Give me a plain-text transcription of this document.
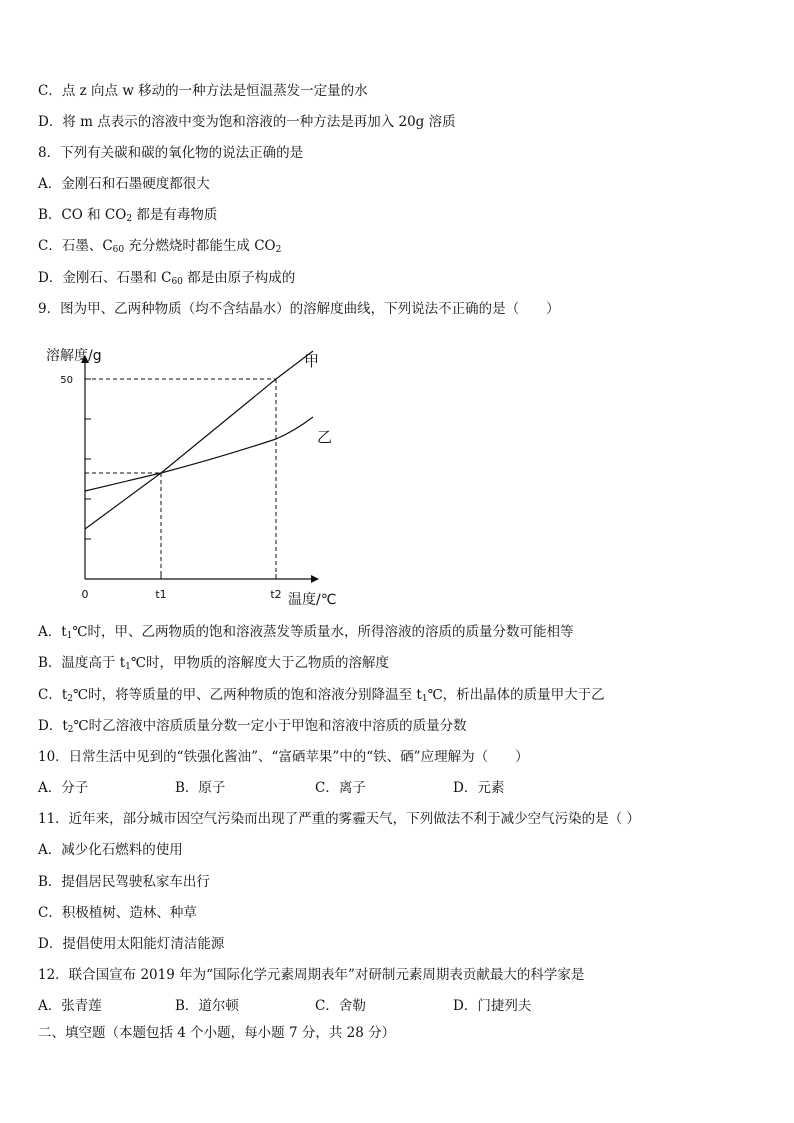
C．点 z 向点 w 移动的一种方法是恒温蒸发一定量的水
D．将 m 点表示的溶液中变为饱和溶液的一种方法是再加入 20g 溶质
8．下列有关碳和碳的氧化物的说法正确的是
A．金刚石和石墨硬度都很大
B．CO 和 $CO_2$ 都是有毒物质
C．石墨、$C_{60}$ 充分燃烧时都能生成 $CO_2$
D．金刚石、石墨和 $C_{60}$ 都是由原子构成的
9．图为甲、乙两种物质（均不含结晶水）的溶解度曲线，下列说法不正确的是（　　）
溶解度/g
温度/℃
50
0	t1	t2
甲
乙
A．$t_1℃$时，甲、乙两物质的饱和溶液蒸发等质量水，所得溶液的溶质的质量分数可能相等
B．温度高于 $t_1℃$时，甲物质的溶解度大于乙物质的溶解度
C．$t_2℃$时，将等质量的甲、乙两种物质的饱和溶液分别降温至 $t_1℃$，析出晶体的质量甲大于乙
D．$t_2℃$时乙溶液中溶质质量分数一定小于甲饱和溶液中溶质的质量分数
10．日常生活中见到的“铁强化酱油”、“富硒苹果”中的“铁、硒”应理解为（　　）
A．分子	B．原子	C．离子	D．元素
11．近年来，部分城市因空气污染而出现了严重的雾霾天气，下列做法不利于减少空气污染的是（ ）
A．减少化石燃料的使用
B．提倡居民驾驶私家车出行
C．积极植树、造林、种草
D．提倡使用太阳能灯清洁能源
12．联合国宣布 2019 年为“国际化学元素周期表年”对研制元素周期表贡献最大的科学家是
A．张青莲	B．道尔顿	C．舍勒	D．门捷列夫
二、填空题（本题包括 4 个小题，每小题 7 分，共 28 分）
